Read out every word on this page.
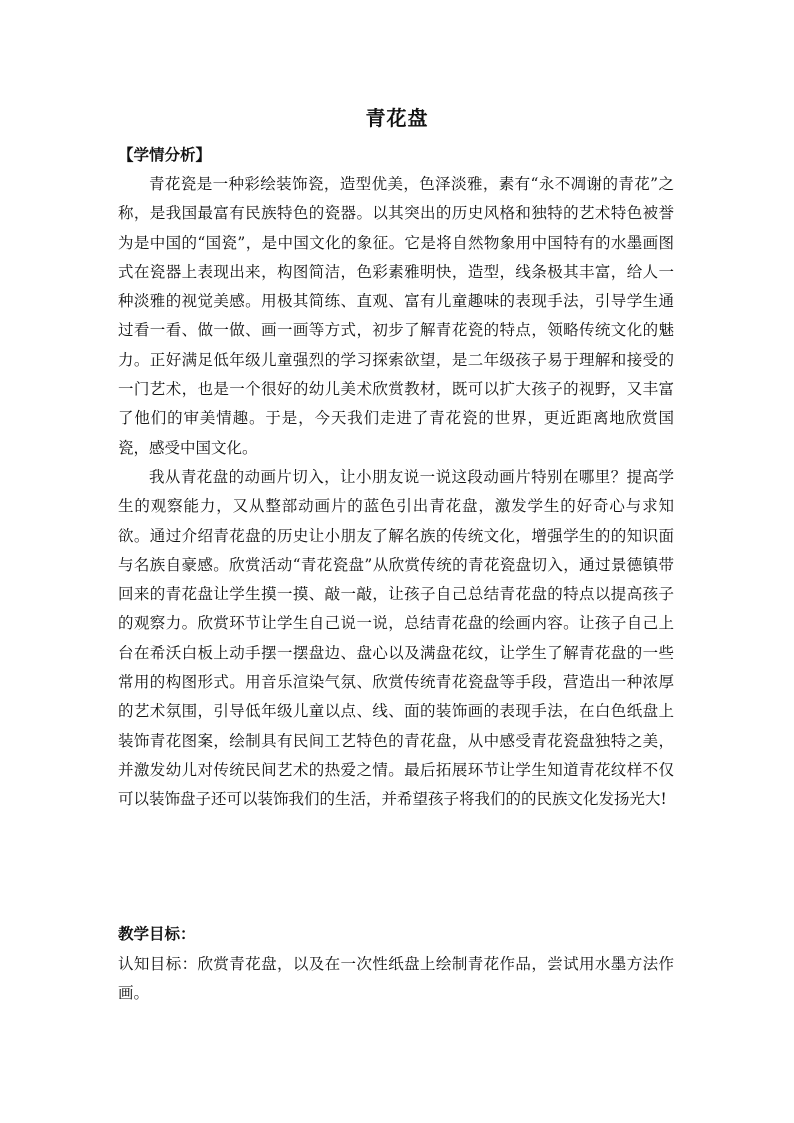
青花盘
【学情分析】

青花瓷是一种彩绘装饰瓷，造型优美，色泽淡雅，素有“永不凋谢的青花”之称，是我国最富有民族特色的瓷器。以其突出的历史风格和独特的艺术特色被誉为是中国的“国瓷”，是中国文化的象征。它是将自然物象用中国特有的水墨画图式在瓷器上表现出来，构图简洁，色彩素雅明快，造型，线条极其丰富，给人一种淡雅的视觉美感。用极其简练、直观、富有儿童趣味的表现手法，引导学生通过看一看、做一做、画一画等方式，初步了解青花瓷的特点，领略传统文化的魅力。正好满足低年级儿童强烈的学习探索欲望，是二年级孩子易于理解和接受的一门艺术，也是一个很好的幼儿美术欣赏教材，既可以扩大孩子的视野，又丰富了他们的审美情趣。于是，今天我们走进了青花瓷的世界，更近距离地欣赏国瓷，感受中国文化。

我从青花盘的动画片切入，让小朋友说一说这段动画片特别在哪里？提高学生的观察能力，又从整部动画片的蓝色引出青花盘，激发学生的好奇心与求知欲。通过介绍青花盘的历史让小朋友了解名族的传统文化，增强学生的的知识面与名族自豪感。欣赏活动“青花瓷盘”从欣赏传统的青花瓷盘切入，通过景德镇带回来的青花盘让学生摸一摸、敲一敲，让孩子自己总结青花盘的特点以提高孩子的观察力。欣赏环节让学生自己说一说，总结青花盘的绘画内容。让孩子自己上台在希沃白板上动手摆一摆盘边、盘心以及满盘花纹，让学生了解青花盘的一些常用的构图形式。用音乐渲染气氛、欣赏传统青花瓷盘等手段，营造出一种浓厚的艺术氛围，引导低年级儿童以点、线、面的装饰画的表现手法，在白色纸盘上装饰青花图案，绘制具有民间工艺特色的青花盘，从中感受青花瓷盘独特之美，并激发幼儿对传统民间艺术的热爱之情。最后拓展环节让学生知道青花纹样不仅可以装饰盘子还可以装饰我们的生活，并希望孩子将我们的的民族文化发扬光大!

教学目标：

认知目标：欣赏青花盘，以及在一次性纸盘上绘制青花作品，尝试用水墨方法作画。
